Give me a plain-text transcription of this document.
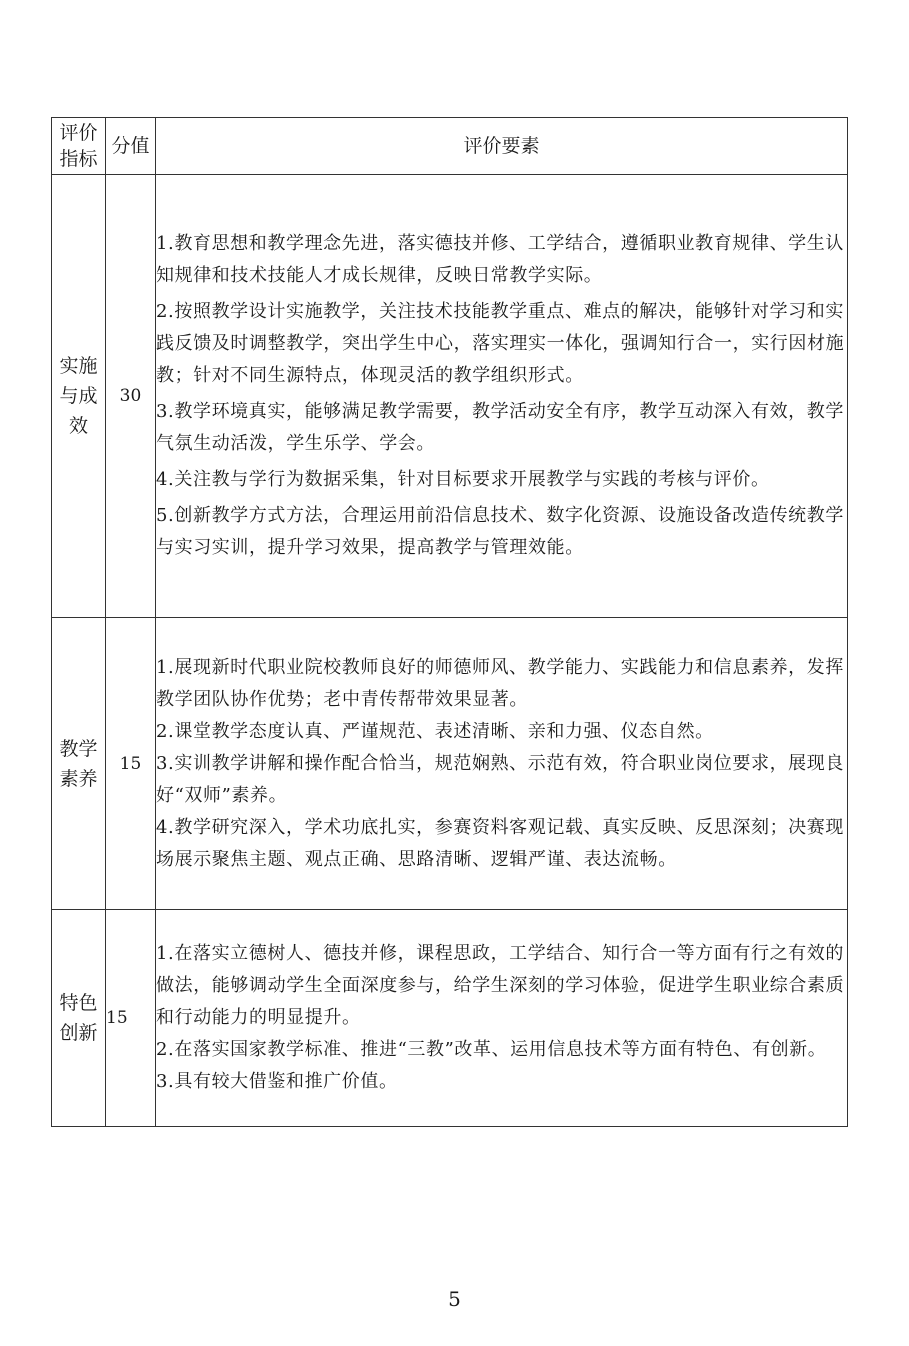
评价指标	分值	评价要素
实施与成效	30	1.教育思想和教学理念先进，落实德技并修、工学结合，遵循职业教育规律、学生认知规律和技术技能人才成长规律，反映日常教学实际。

2.按照教学设计实施教学，关注技术技能教学重点、难点的解决，能够针对学习和实践反馈及时调整教学，突出学生中心，落实理实一体化，强调知行合一，实行因材施教；针对不同生源特点，体现灵活的教学组织形式。

3.教学环境真实，能够满足教学需要，教学活动安全有序，教学互动深入有效，教学气氛生动活泼，学生乐学、学会。

4.关注教与学行为数据采集，针对目标要求开展教学与实践的考核与评价。

5.创新教学方式方法，合理运用前沿信息技术、数字化资源、设施设备改造传统教学与实习实训，提升学习效果，提高教学与管理效能。

教学素养	15	1.展现新时代职业院校教师良好的师德师风、教学能力、实践能力和信息素养，发挥教学团队协作优势；老中青传帮带效果显著。

2.课堂教学态度认真、严谨规范、表述清晰、亲和力强、仪态自然。

3.实训教学讲解和操作配合恰当，规范娴熟、示范有效，符合职业岗位要求，展现良好“双师”素养。

4.教学研究深入，学术功底扎实，参赛资料客观记载、真实反映、反思深刻；决赛现场展示聚焦主题、观点正确、思路清晰、逻辑严谨、表达流畅。

特色创新	15	1.在落实立德树人、德技并修，课程思政，工学结合、知行合一等方面有行之有效的做法，能够调动学生全面深度参与，给学生深刻的学习体验，促进学生职业综合素质和行动能力的明显提升。

2.在落实国家教学标准、推进“三教”改革、运用信息技术等方面有特色、有创新。

3.具有较大借鉴和推广价值。

5
